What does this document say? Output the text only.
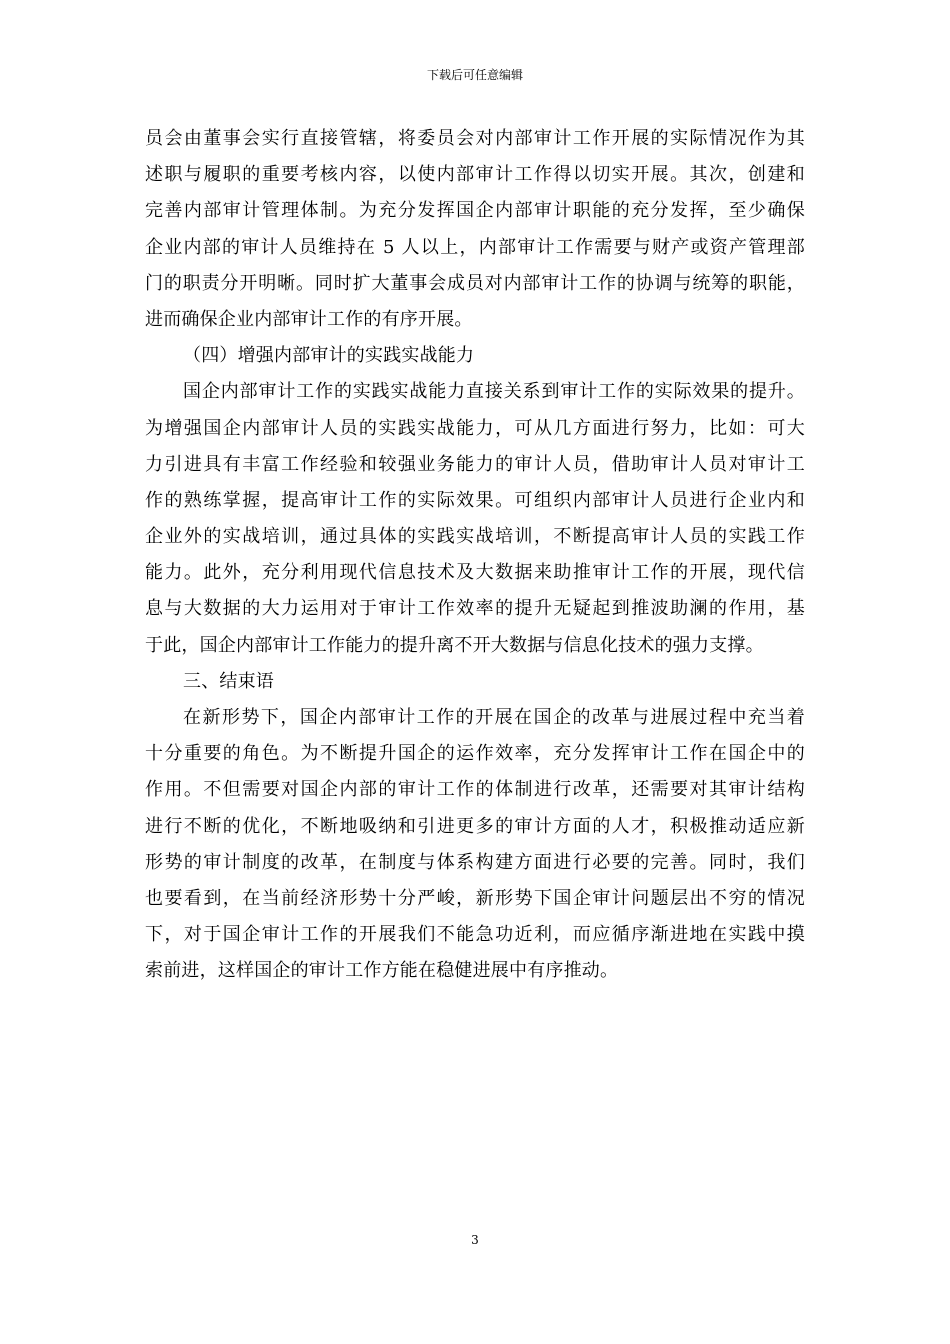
下载后可任意编辑
员会由董事会实行直接管辖，将委员会对内部审计工作开展的实际情况作为其
述职与履职的重要考核内容，以使内部审计工作得以切实开展。其次，创建和
完善内部审计管理体制。为充分发挥国企内部审计职能的充分发挥，至少确保
企业内部的审计人员维持在 5 人以上，内部审计工作需要与财产或资产管理部
门的职责分开明晰。同时扩大董事会成员对内部审计工作的协调与统筹的职能，
进而确保企业内部审计工作的有序开展。
（四）增强内部审计的实践实战能力
国企内部审计工作的实践实战能力直接关系到审计工作的实际效果的提升。
为增强国企内部审计人员的实践实战能力，可从几方面进行努力，比如：可大
力引进具有丰富工作经验和较强业务能力的审计人员，借助审计人员对审计工
作的熟练掌握，提高审计工作的实际效果。可组织内部审计人员进行企业内和
企业外的实战培训，通过具体的实践实战培训，不断提高审计人员的实践工作
能力。此外，充分利用现代信息技术及大数据来助推审计工作的开展，现代信
息与大数据的大力运用对于审计工作效率的提升无疑起到推波助澜的作用，基
于此，国企内部审计工作能力的提升离不开大数据与信息化技术的强力支撑。
三、结束语
在新形势下，国企内部审计工作的开展在国企的改革与进展过程中充当着
十分重要的角色。为不断提升国企的运作效率，充分发挥审计工作在国企中的
作用。不但需要对国企内部的审计工作的体制进行改革，还需要对其审计结构
进行不断的优化，不断地吸纳和引进更多的审计方面的人才，积极推动适应新
形势的审计制度的改革，在制度与体系构建方面进行必要的完善。同时，我们
也要看到，在当前经济形势十分严峻，新形势下国企审计问题层出不穷的情况
下，对于国企审计工作的开展我们不能急功近利，而应循序渐进地在实践中摸
索前进，这样国企的审计工作方能在稳健进展中有序推动。
3
